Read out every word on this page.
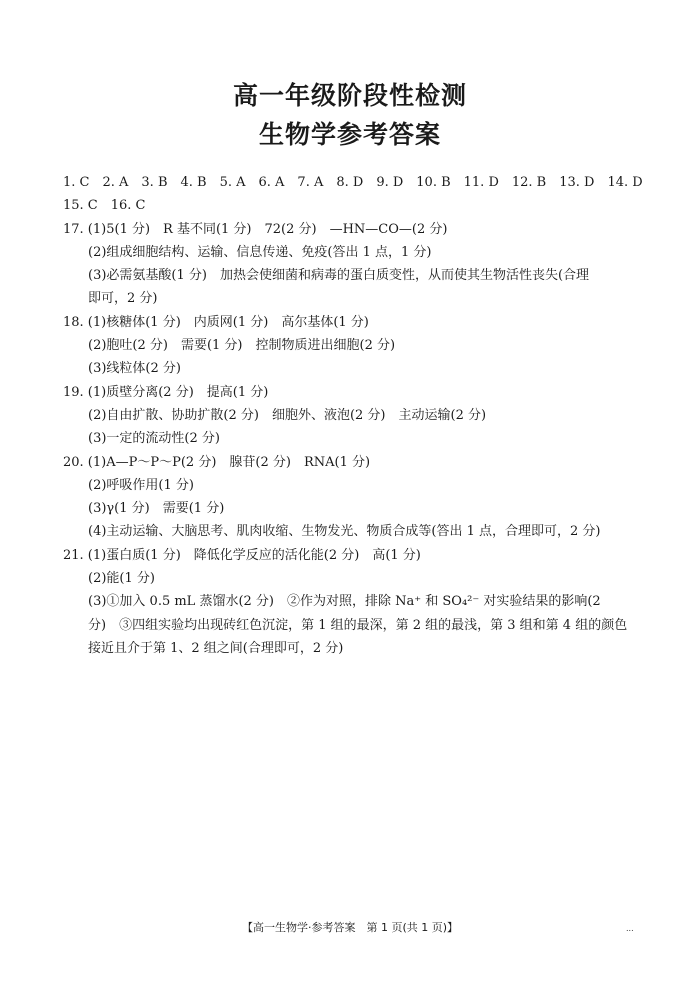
高一年级阶段性检测
生物学参考答案
1. C　2. A　3. B　4. B　5. A　6. A　7. A　8. D　9. D　10. B　11. D　12. B　13. D　14. D
15. C　16. C
17. (1)5(1 分)　R 基不同(1 分)　72(2 分)　—HN—CO—(2 分)
(2)组成细胞结构、运输、信息传递、免疫(答出 1 点，1 分)
(3)必需氨基酸(1 分)　加热会使细菌和病毒的蛋白质变性，从而使其生物活性丧失(合理
即可，2 分)
18. (1)核糖体(1 分)　内质网(1 分)　高尔基体(1 分)
(2)胞吐(2 分)　需要(1 分)　控制物质进出细胞(2 分)
(3)线粒体(2 分)
19. (1)质壁分离(2 分)　提高(1 分)
(2)自由扩散、协助扩散(2 分)　细胞外、液泡(2 分)　主动运输(2 分)
(3)一定的流动性(2 分)
20. (1)A—P～P～P(2 分)　腺苷(2 分)　RNA(1 分)
(2)呼吸作用(1 分)
(3)γ(1 分)　需要(1 分)
(4)主动运输、大脑思考、肌肉收缩、生物发光、物质合成等(答出 1 点，合理即可，2 分)
21. (1)蛋白质(1 分)　降低化学反应的活化能(2 分)　高(1 分)
(2)能(1 分)
(3)①加入 0.5 mL 蒸馏水(2 分)　②作为对照，排除 Na⁺ 和 SO₄²⁻ 对实验结果的影响(2
分)　③四组实验均出现砖红色沉淀，第 1 组的最深，第 2 组的最浅，第 3 组和第 4 组的颜色
接近且介于第 1、2 组之间(合理即可，2 分)
【高一生物学·参考答案　第 1 页(共 1 页)】	...
